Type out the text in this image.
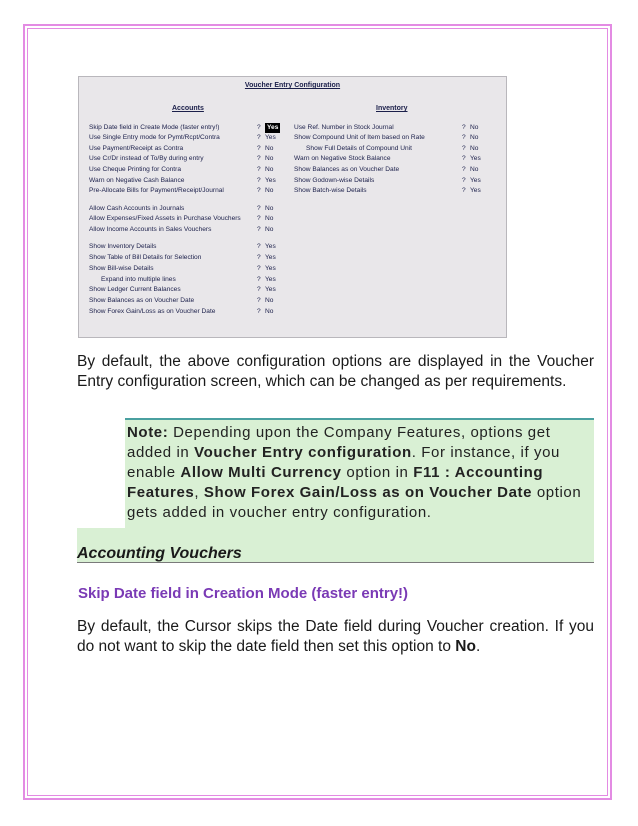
Voucher Entry Configuration
Accounts	Inventory
Skip Date field in Create Mode (faster entry!)	? Yes
Use Single Entry mode for Pymt/Rcpt/Contra	? Yes
Use Payment/Receipt as Contra	? No
Use Cr/Dr instead of To/By during entry	? No
Use Cheque Printing for Contra	? No
Warn on Negative Cash Balance	? Yes
Pre-Allocate Bills for Payment/Receipt/Journal	? No
Allow Cash Accounts in Journals	? No
Allow Expenses/Fixed Assets in Purchase Vouchers ? No
Allow Income Accounts in Sales Vouchers	? No
Show Inventory Details	? Yes
Show Table of Bill Details for Selection	? Yes
Show Bill-wise Details	? Yes
Expand into multiple lines	? Yes
Show Ledger Current Balances	? Yes
Show Balances as on Voucher Date	? No
Show Forex Gain/Loss as on Voucher Date	? No
Use Ref. Number in Stock Journal	? No
Show Compound Unit of Item based on Rate	? No
Show Full Details of Compound Unit	? No
Warn on Negative Stock Balance	? Yes
Show Balances as on Voucher Date	? No
Show Godown-wise Details	? Yes
Show Batch-wise Details	? Yes
By default, the above configuration options are displayed in the Voucher Entry configuration screen, which can be changed as per requirements.
Note: Depending upon the Company Features, options get added in Voucher Entry configuration. For instance, if you enable Allow Multi Currency option in F11 : Accounting Features, Show Forex Gain/Loss as on Voucher Date option gets added in voucher entry configuration.
Accounting Vouchers
Skip Date field in Creation Mode (faster entry!)
By default, the Cursor skips the Date field during Voucher creation. If you do not want to skip the date field then set this option to No.
